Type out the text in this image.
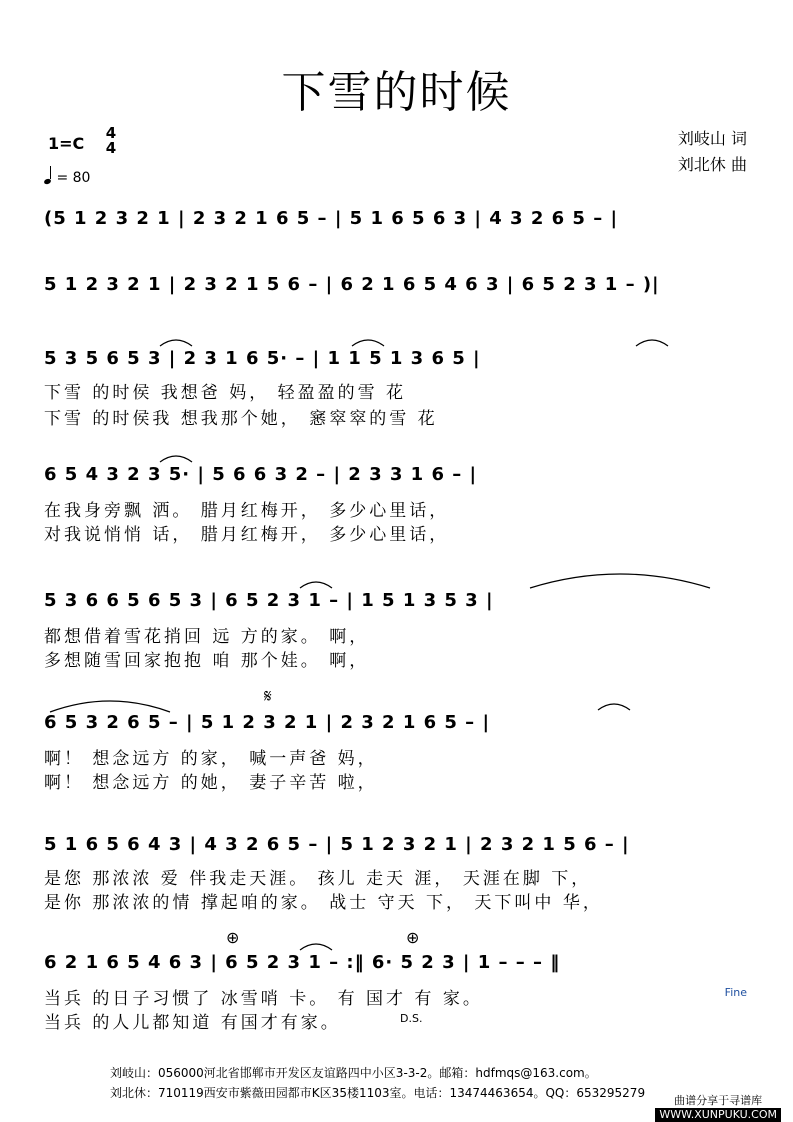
下雪的时候
1=C
4
4
= 80
刘岐山 词
刘北休 曲
(5 1 2 3 2 1 | 2 3 2 1 6 5 – | 5 1 6 5 6 3 | 4 3 2 6 5 – |
5 1 2 3 2 1 | 2 3 2 1 5 6 – | 6 2 1 6 5 4 6 3 | 6 5 2 3 1 – )|
5 3 5 6 5 3 | 2 3 1 6 5· – | 1 1 5 1 3 6 5 |
下雪 的时侯 我想爸 妈， 轻盈盈的雪 花
下雪 的时侯我 想我那个她， 窸窣窣的雪 花
6 5 4 3 2 3 5· | 5 6 6 3 2 – | 2 3 3 1 6 – |
在我身旁飘 洒。 腊月红梅开， 多少心里话，
对我说悄悄 话， 腊月红梅开， 多少心里话，
5 3 6 6 5 6 5 3 | 6 5 2 3 1 – | 1 5 1 3 5 3 |
都想借着雪花捎回 远 方的家。 啊，
多想随雪回家抱抱 咱 那个娃。 啊，
𝄋
6 5 3 2 6 5 – | 5 1 2 3 2 1 | 2 3 2 1 6 5 – |
啊！ 想念远方 的家， 喊一声爸 妈，
啊！ 想念远方 的她， 妻子辛苦 啦，
5 1 6 5 6 4 3 | 4 3 2 6 5 – | 5 1 2 3 2 1 | 2 3 2 1 5 6 – |
是您 那浓浓 爱 伴我走天涯。 孩儿 走天 涯， 天涯在脚 下，
是你 那浓浓的情 撑起咱的家。 战士 守天 下， 天下叫中 华，
⊕	⊕
6 2 1 6 5 4 6 3 | 6 5 2 3 1 – :‖ 6· 5 2 3 | 1 – – – ‖
当兵 的日子习惯了 冰雪哨 卡。 有 国才 有 家。
当兵 的人儿都知道 有国才有家。
Fine
D.S.
刘岐山：056000河北省邯郸市开发区友谊路四中小区3-3-2。邮箱：hdfmqs@163.com。
刘北休：710119西安市紫薇田园都市K区35楼1103室。电话：13474463654。QQ：653295279
曲谱分享于寻谱库
WWW.XUNPUKU.COM
